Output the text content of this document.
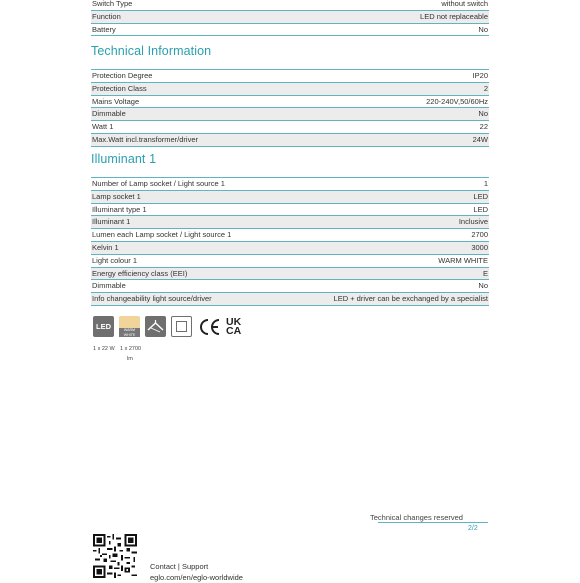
Switch Type	without switch
Function	LED not replaceable
Battery	No
Technical Information
Protection Degree	IP20
Protection Class	2
Mains Voltage	220-240V,50/60Hz
Dimmable	No
Watt 1	22
Max.Watt incl.transformer/driver	24W
Illuminant 1
Number of Lamp socket / Light source 1	1
Lamp socket 1	LED
Illuminant type 1	LED
Illuminant 1	Inclusive
Lumen each Lamp socket / Light source 1	2700
Kelvin 1	3000
Light colour 1	WARM WHITE
Energy efficiency class (EEI)	E
Dimmable	No
Info changeability light source/driver	LED + driver can be exchanged by a specialist
LED	WARM WHITE
UK
CA
1 x 22 W 1 x 2700
lm
Technical changes reserved
2/2
Contact | Support
eglo.com/en/eglo-worldwide
